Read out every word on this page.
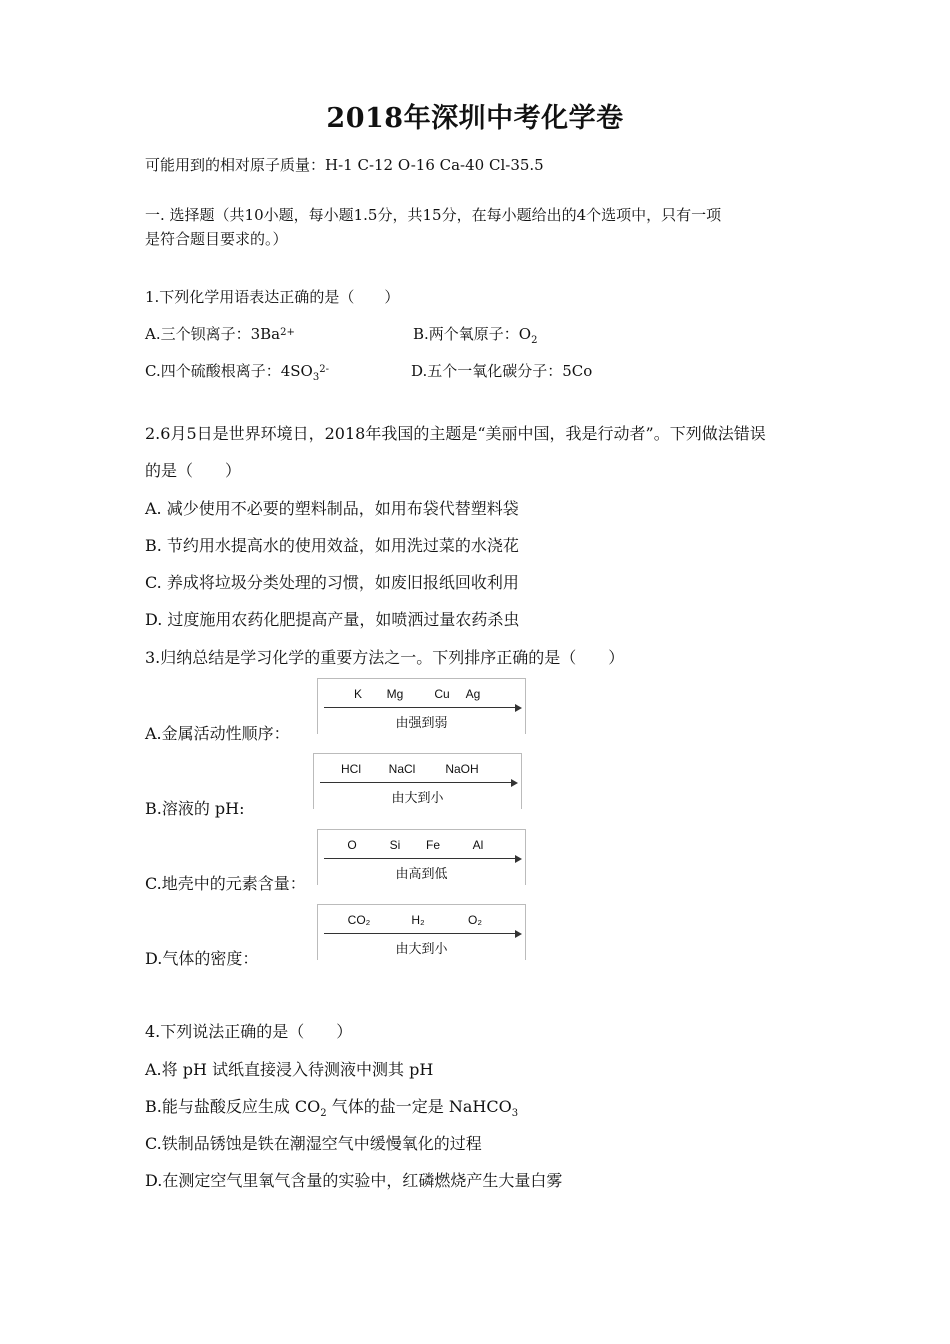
2018年深圳中考化学卷
可能用到的相对原子质量：H-1 C-12 O-16 Ca-40 Cl-35.5
一. 选择题（共10小题，每小题1.5分，共15分，在每小题给出的4个选项中，只有一项
是符合题目要求的。）
1.下列化学用语表达正确的是（　　）
A.三个钡离子：$3Ba^{2+}$	B.两个氧原子：$O_2$
C.四个硫酸根离子：$4SO_3^{2-}$	D.五个一氧化碳分子：5Co
2.6月5日是世界环境日，2018年我国的主题是“美丽中国，我是行动者”。下列做法错误
的是（　　）
A. 减少使用不必要的塑料制品，如用布袋代替塑料袋
B. 节约用水提高水的使用效益，如用洗过菜的水浇花
C. 养成将垃圾分类处理的习惯，如废旧报纸回收利用
D. 过度施用农药化肥提高产量，如喷洒过量农药杀虫
3.归纳总结是学习化学的重要方法之一。下列排序正确的是（　　）
A.金属活动性顺序：
K Mg	Cu Ag
由强到弱
B.溶液的 pH:
HCl NaCl NaOH
由大到小
C.地壳中的元素含量：
O	Si Fe	Al
由高到低
D.气体的密度：
CO₂	H₂	O₂
由大到小
4.下列说法正确的是（　　）
A.将 pH 试纸直接浸入待测液中测其 pH
B.能与盐酸反应生成 $CO_2$ 气体的盐一定是 NaHCO$_3$
C.铁制品锈蚀是铁在潮湿空气中缓慢氧化的过程
D.在测定空气里氧气含量的实验中，红磷燃烧产生大量白雾
